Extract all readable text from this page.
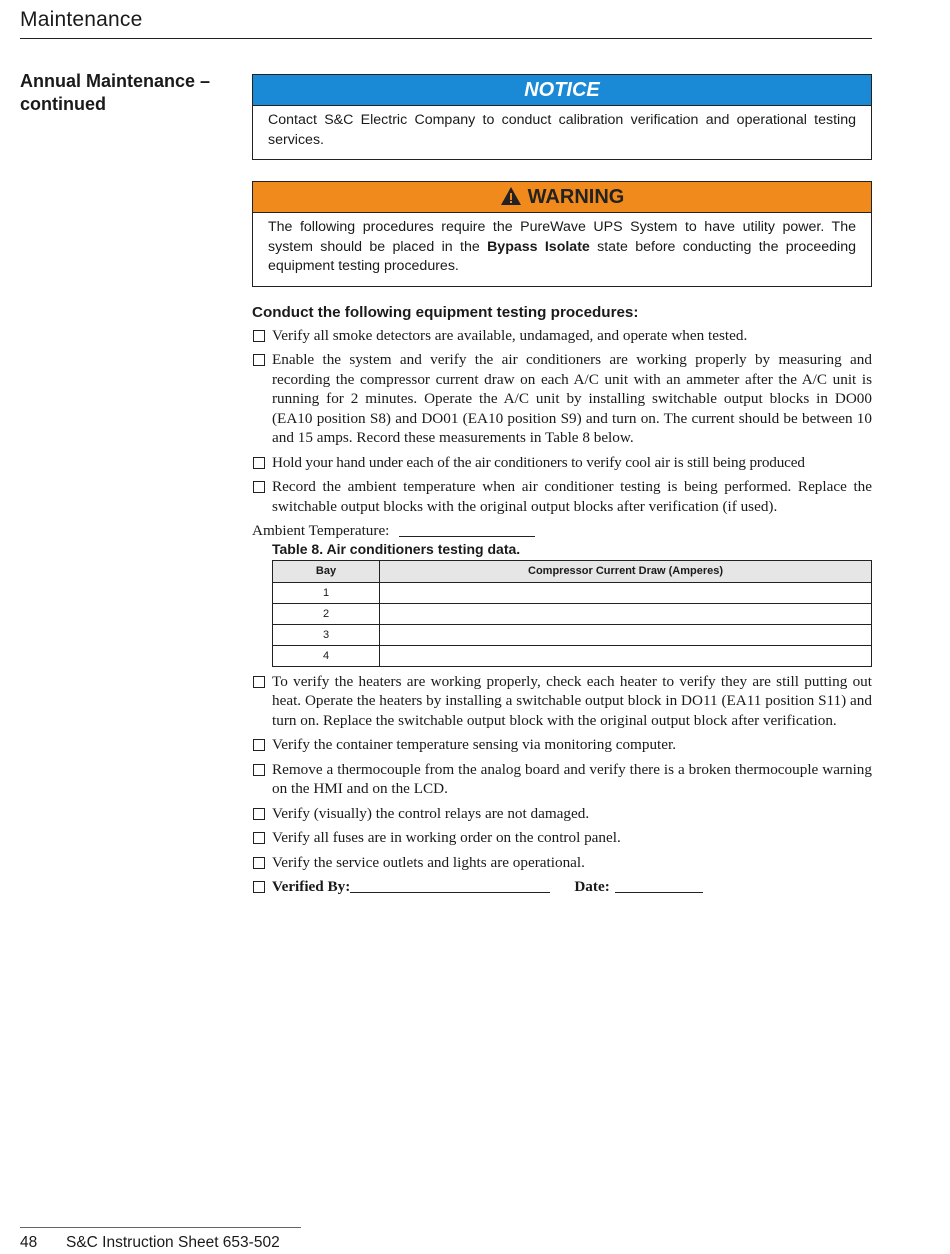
Maintenance
Annual Maintenance – continued
NOTICE
Contact S&C Electric Company to conduct calibration verification and operational testing services.
WARNING
The following procedures require the PureWave UPS System to have utility power. The system should be placed in the Bypass Isolate state before conducting the proceeding equipment testing procedures.
Conduct the following equipment testing procedures:
Verify all smoke detectors are available, undamaged, and operate when tested.
Enable the system and verify the air conditioners are working properly by measuring and recording the compressor current draw on each A/C unit with an ammeter after the A/C unit is running for 2 minutes. Operate the A/C unit by installing switchable output blocks in DO00 (EA10 position S8) and DO01 (EA10 position S9) and turn on. The current should be between 10 and 15 amps. Record these measurements in Table 8 below.
Hold your hand under each of the air conditioners to verify cool air is still being produced
Record the ambient temperature when air conditioner testing is being performed. Replace the switchable output blocks with the original output blocks after verification (if used).
Ambient Temperature:
Table 8. Air conditioners testing data.
Bay	Compressor Current Draw (Amperes)
1	
2	
3	
4	
To verify the heaters are working properly, check each heater to verify they are still putting out heat. Operate the heaters by installing a switchable output block in DO11 (EA11 position S11) and turn on. Replace the switchable output block with the original output block after verification.
Verify the container temperature sensing via monitoring computer.
Remove a thermocouple from the analog board and verify there is a broken thermocouple warning on the HMI and on the LCD.
Verify (visually) the control relays are not damaged.
Verify all fuses are in working order on the control panel.
Verify the service outlets and lights are operational.
Verified By:	Date:
48 S&C Instruction Sheet 653-502
